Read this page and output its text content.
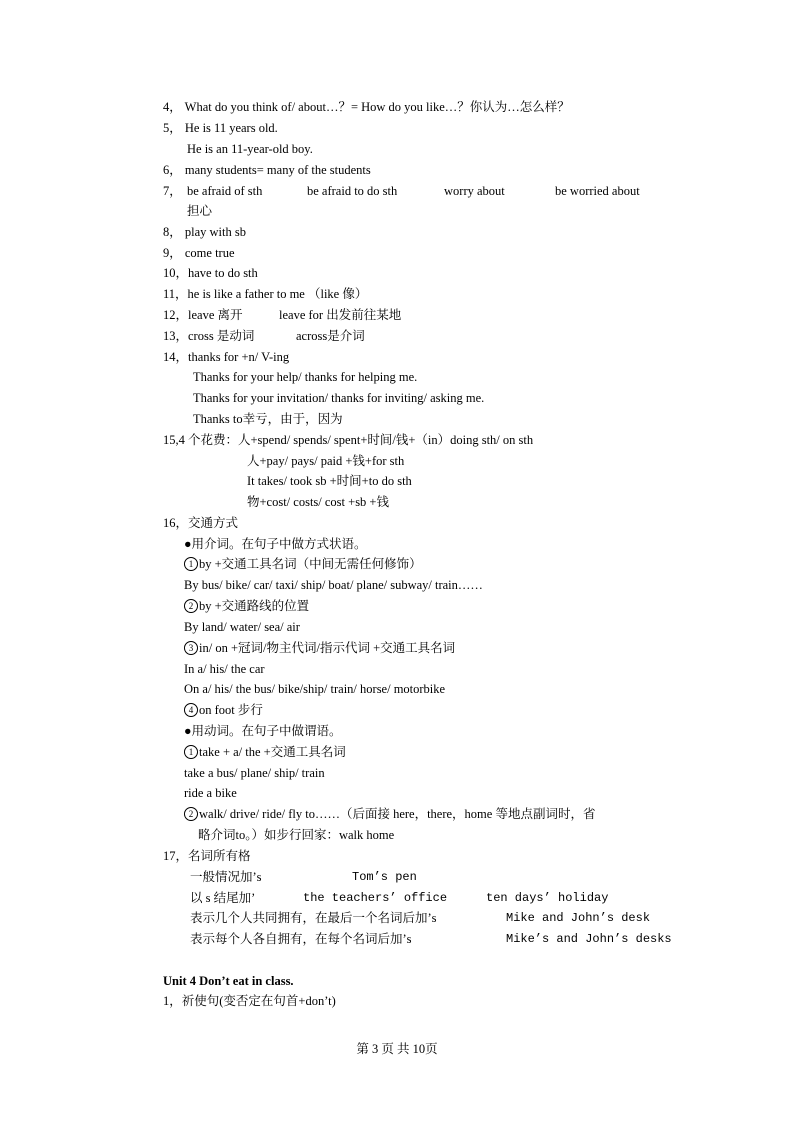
4， What do you think of/ about…？= How do you like…？你认为…怎么样？
5， He is 11 years old.
He is an 11-year-old boy.
6， many students= many of the students
7， be afraid of sth	be afraid to do sth	worry about	be worried about
担心
8， play with sb
9， come true
10，have to do sth
11，he is like a father to me （like 像）
12，leave 离开	leave for 出发前往某地
13，cross 是动词	across是介词
14，thanks for +n/ V-ing
Thanks for your help/ thanks for helping me.
Thanks for your invitation/ thanks for inviting/ asking me.
Thanks to幸亏，由于，因为
15,4 个花费：人+spend/ spends/ spent+时间/钱+（in）doing sth/ on sth
人+pay/ pays/ paid +钱+for sth
It takes/ took sb +时间+to do sth
物+cost/ costs/ cost +sb +钱
16，交通方式
●用介词。在句子中做方式状语。
1 by +交通工具名词（中间无需任何修饰）
By bus/ bike/ car/ taxi/ ship/ boat/ plane/ subway/ train……
2 by +交通路线的位置
By land/ water/ sea/ air
3 in/ on +冠词/物主代词/指示代词 +交通工具名词
In a/ his/ the car
On a/ his/ the bus/ bike/ship/ train/ horse/ motorbike
4 on foot 步行
●用动词。在句子中做谓语。
1 take + a/ the +交通工具名词
take a bus/ plane/ ship/ train
ride a bike
2 walk/ drive/ ride/ fly to……（后面接 here，there，home 等地点副词时，省
略介词to。）如步行回家：walk home
17，名词所有格
一般情况加’s	Tom’s pen
以 s 结尾加’	the teachers’ office	ten days’ holiday
表示几个人共同拥有，在最后一个名词后加’s	Mike and John’s desk
表示每个人各自拥有，在每个名词后加’s	Mike’s and John’s desks
Unit 4 Don’t eat in class.
1，祈使句(变否定在句首+don’t)
第 3 页 共 10页
